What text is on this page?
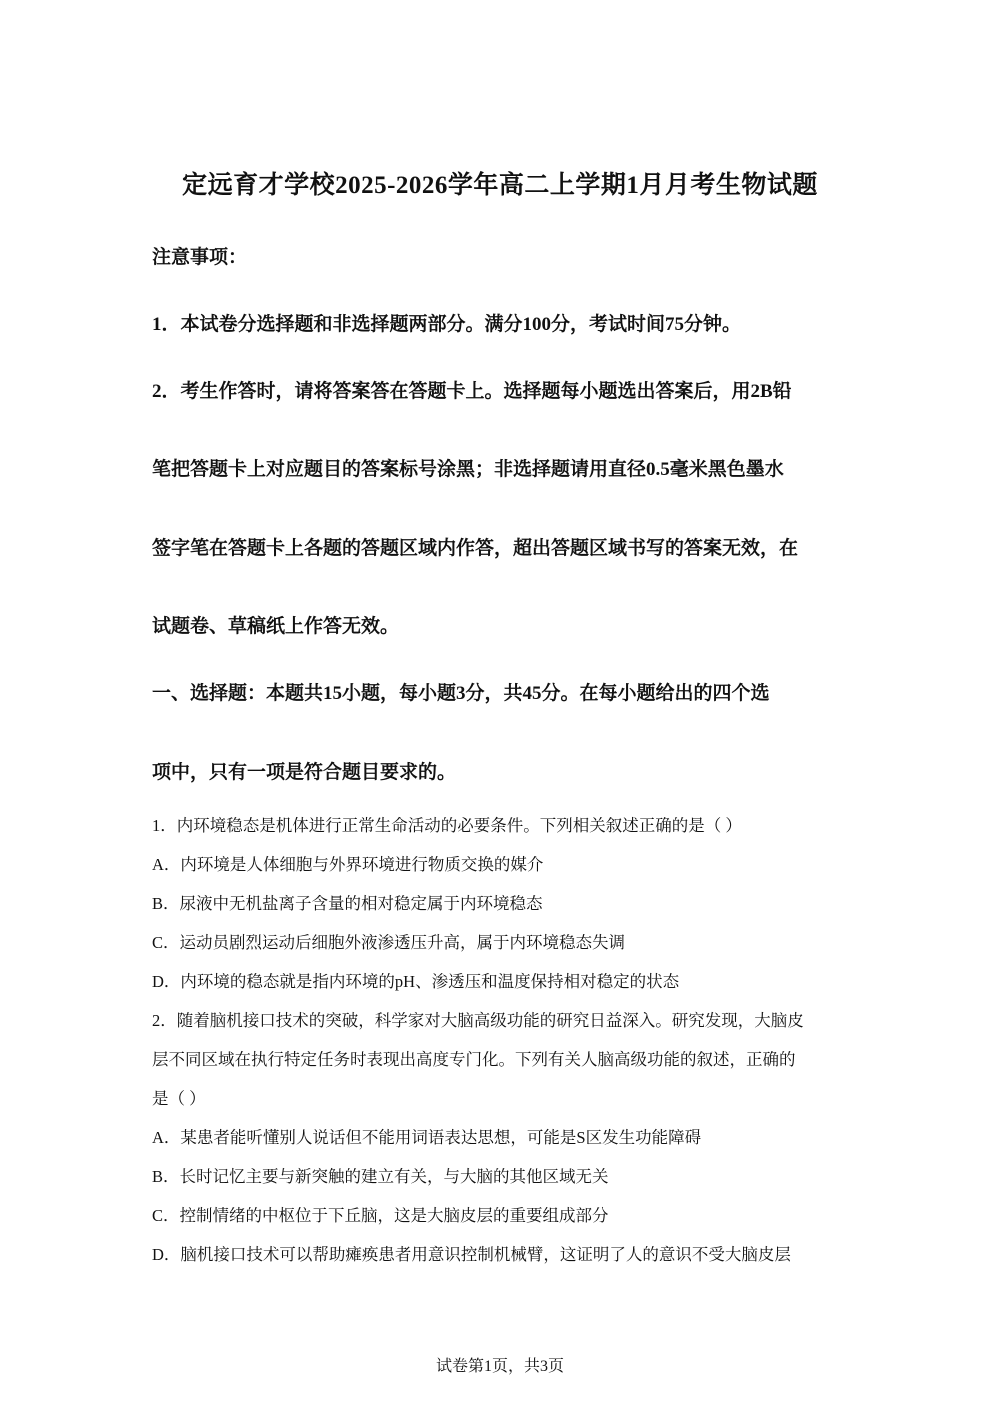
定远育才学校2025-2026学年高二上学期1月月考生物试题
注意事项：
1．本试卷分选择题和非选择题两部分。满分100分，考试时间75分钟。
2．考生作答时，请将答案答在答题卡上。选择题每小题选出答案后，用2B铅
笔把答题卡上对应题目的答案标号涂黑；非选择题请用直径0.5毫米黑色墨水
签字笔在答题卡上各题的答题区域内作答，超出答题区域书写的答案无效，在
试题卷、草稿纸上作答无效。
一、选择题：本题共15小题，每小题3分，共45分。在每小题给出的四个选
项中，只有一项是符合题目要求的。
1．内环境稳态是机体进行正常生命活动的必要条件。下列相关叙述正确的是（ ）
A．内环境是人体细胞与外界环境进行物质交换的媒介
B．尿液中无机盐离子含量的相对稳定属于内环境稳态
C．运动员剧烈运动后细胞外液渗透压升高，属于内环境稳态失调
D．内环境的稳态就是指内环境的pH、渗透压和温度保持相对稳定的状态
2．随着脑机接口技术的突破，科学家对大脑高级功能的研究日益深入。研究发现，大脑皮
层不同区域在执行特定任务时表现出高度专门化。下列有关人脑高级功能的叙述，正确的
是（ ）
A．某患者能听懂别人说话但不能用词语表达思想，可能是S区发生功能障碍
B．长时记忆主要与新突触的建立有关，与大脑的其他区域无关
C．控制情绪的中枢位于下丘脑，这是大脑皮层的重要组成部分
D．脑机接口技术可以帮助瘫痪患者用意识控制机械臂，这证明了人的意识不受大脑皮层
试卷第1页，共3页
